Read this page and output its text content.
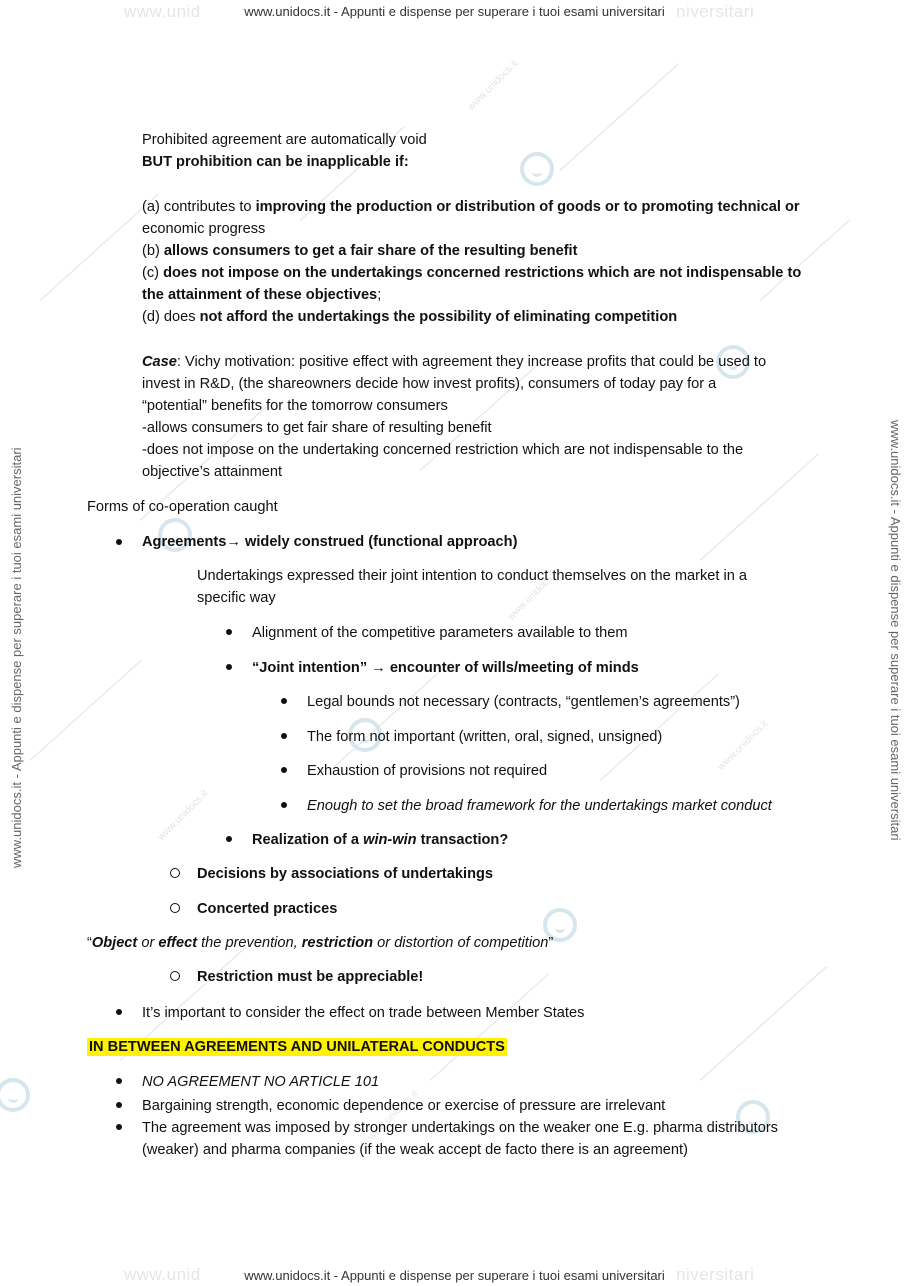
www.unid	niversitari
www.unidocs.it - Appunti e dispense per superare i tuoi esami universitari
www.unid	niversitari
www.unidocs.it - Appunti e dispense per superare i tuoi esami universitari
www.unidocs.it - Appunti e dispense per superare i tuoi esami universitari	www.unidocs.it - Appunti e dispense per superare i tuoi esami universitari
www.unidocs.it
www.unidocs.it
www.unidocs.it
www.unidocs.it
www.unidocs.it
Prohibited agreement are automatically void
BUT prohibition can be inapplicable if:
(a) contributes to improving the production or distribution of goods or to promoting technical or
economic progress
(b) allows consumers to get a fair share of the resulting benefit
(c) does not impose on the undertakings concerned restrictions which are not indispensable to
the attainment of these objectives;
(d) does not afford the undertakings the possibility of eliminating competition
Case: Vichy motivation: positive effect with agreement they increase profits that could be used to
invest in R&D, (the shareowners decide how invest profits), consumers of today pay for a
“potential” benefits for the tomorrow consumers
-allows consumers to get fair share of resulting benefit
-does not impose on the undertaking concerned restriction which are not indispensable to the
objective’s attainment
Forms of co-operation caught
Agreements→ widely construed (functional approach)
Undertakings expressed their joint intention to conduct themselves on the market in a
specific way
Alignment of the competitive parameters available to them
“Joint intention” → encounter of wills/meeting of minds
Legal bounds not necessary (contracts, “gentlemen’s agreements”)
The form not important (written, oral, signed, unsigned)
Exhaustion of provisions not required
Enough to set the broad framework for the undertakings market conduct
Realization of a win-win transaction?
Decisions by associations of undertakings
Concerted practices
“Object or effect the prevention, restriction or distortion of competition”
Restriction must be appreciable!
It’s important to consider the effect on trade between Member States
IN BETWEEN AGREEMENTS AND UNILATERAL CONDUCTS
NO AGREEMENT NO ARTICLE 101
Bargaining strength, economic dependence or exercise of pressure are irrelevant
The agreement was imposed by stronger undertakings on the weaker one E.g. pharma distributors
(weaker) and pharma companies (if the weak accept de facto there is an agreement)
